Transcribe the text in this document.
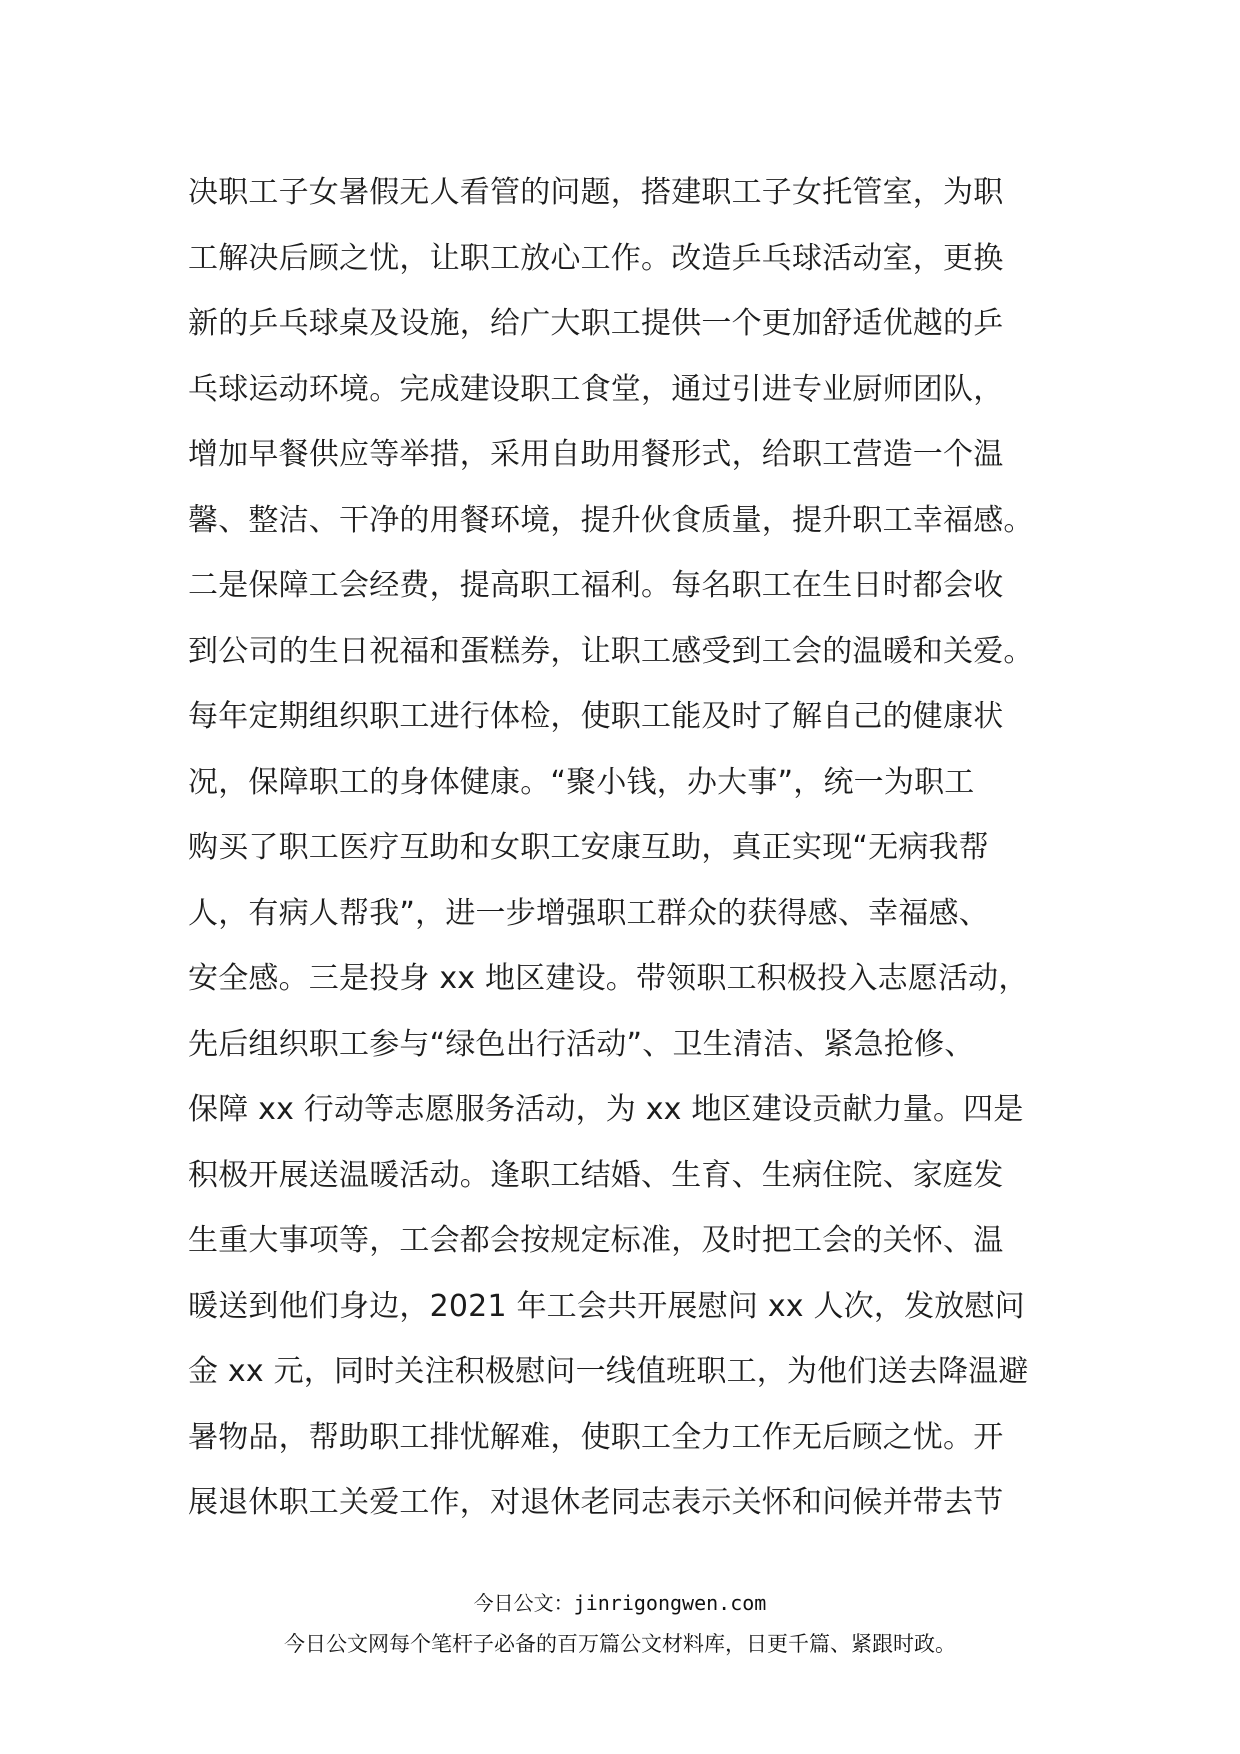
决职工子女暑假无人看管的问题，搭建职工子女托管室，为职
工解决后顾之忧，让职工放心工作。改造乒乓球活动室，更换
新的乒乓球桌及设施，给广大职工提供一个更加舒适优越的乒
乓球运动环境。完成建设职工食堂，通过引进专业厨师团队，
增加早餐供应等举措，采用自助用餐形式，给职工营造一个温
馨、整洁、干净的用餐环境，提升伙食质量，提升职工幸福感。
二是保障工会经费，提高职工福利。每名职工在生日时都会收
到公司的生日祝福和蛋糕券，让职工感受到工会的温暖和关爱。
每年定期组织职工进行体检，使职工能及时了解自己的健康状
况，保障职工的身体健康。“聚小钱，办大事”，统一为职工
购买了职工医疗互助和女职工安康互助，真正实现“无病我帮
人，有病人帮我”，进一步增强职工群众的获得感、幸福感、
安全感。三是投身 xx 地区建设。带领职工积极投入志愿活动，
先后组织职工参与“绿色出行活动”、卫生清洁、紧急抢修、
保障 xx 行动等志愿服务活动，为 xx 地区建设贡献力量。四是
积极开展送温暖活动。逢职工结婚、生育、生病住院、家庭发
生重大事项等，工会都会按规定标准，及时把工会的关怀、温
暖送到他们身边，2021 年工会共开展慰问 xx 人次，发放慰问
金 xx 元，同时关注积极慰问一线值班职工，为他们送去降温避
暑物品，帮助职工排忧解难，使职工全力工作无后顾之忧。开
展退休职工关爱工作，对退休老同志表示关怀和问候并带去节
今日公文：jinrigongwen.com
今日公文网每个笔杆子必备的百万篇公文材料库，日更千篇、紧跟时政。
